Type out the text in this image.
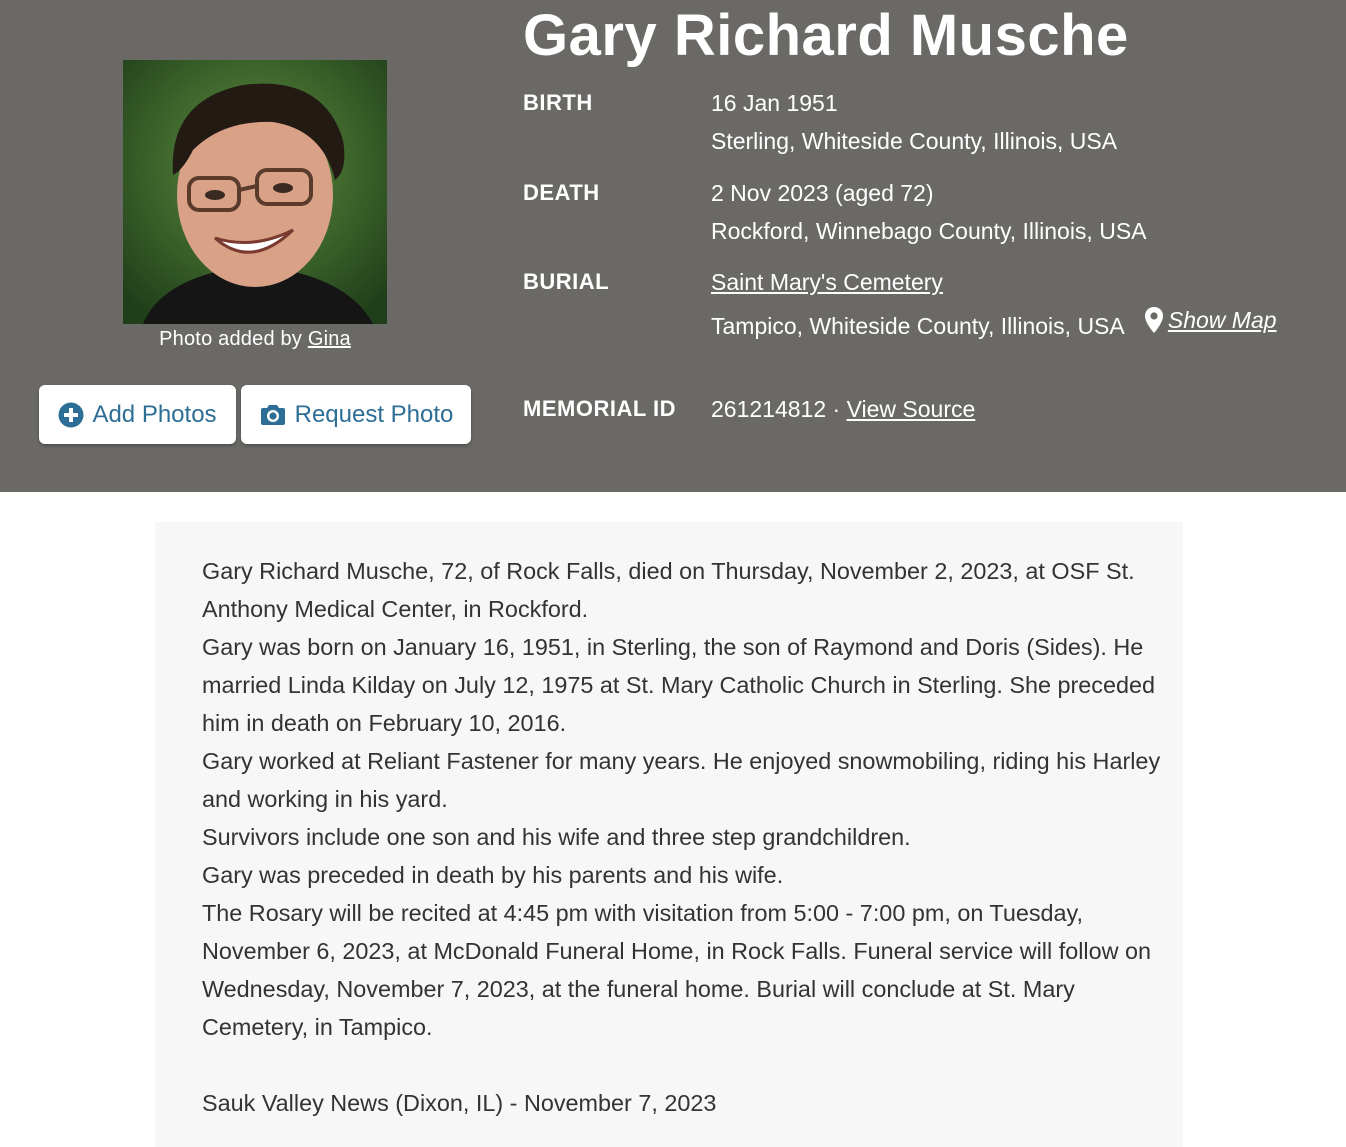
Photo added by Gina
Add Photos	Request Photo
Gary Richard Musche
BIRTH	16 Jan 1951
Sterling, Whiteside County, Illinois, USA
DEATH	2 Nov 2023 (aged 72)
Rockford, Winnebago County, Illinois, USA
BURIAL	Saint Mary's Cemetery
Tampico, Whiteside County, Illinois, USA Show Map
MEMORIAL ID 261214812 · View Source

Gary Richard Musche, 72, of Rock Falls, died on Thursday, November 2, 2023, at OSF St. Anthony Medical Center, in Rockford.

Gary was born on January 16, 1951, in Sterling, the son of Raymond and Doris (Sides). He married Linda Kilday on July 12, 1975 at St. Mary Catholic Church in Sterling. She preceded him in death on February 10, 2016.

Gary worked at Reliant Fastener for many years. He enjoyed snowmobiling, riding his Harley and working in his yard.

Survivors include one son and his wife and three step grandchildren.

Gary was preceded in death by his parents and his wife.

The Rosary will be recited at 4:45 pm with visitation from 5:00 - 7:00 pm, on Tuesday, November 6, 2023, at McDonald Funeral Home, in Rock Falls. Funeral service will follow on Wednesday, November 7, 2023, at the funeral home. Burial will conclude at St. Mary Cemetery, in Tampico.

Sauk Valley News (Dixon, IL) - November 7, 2023
